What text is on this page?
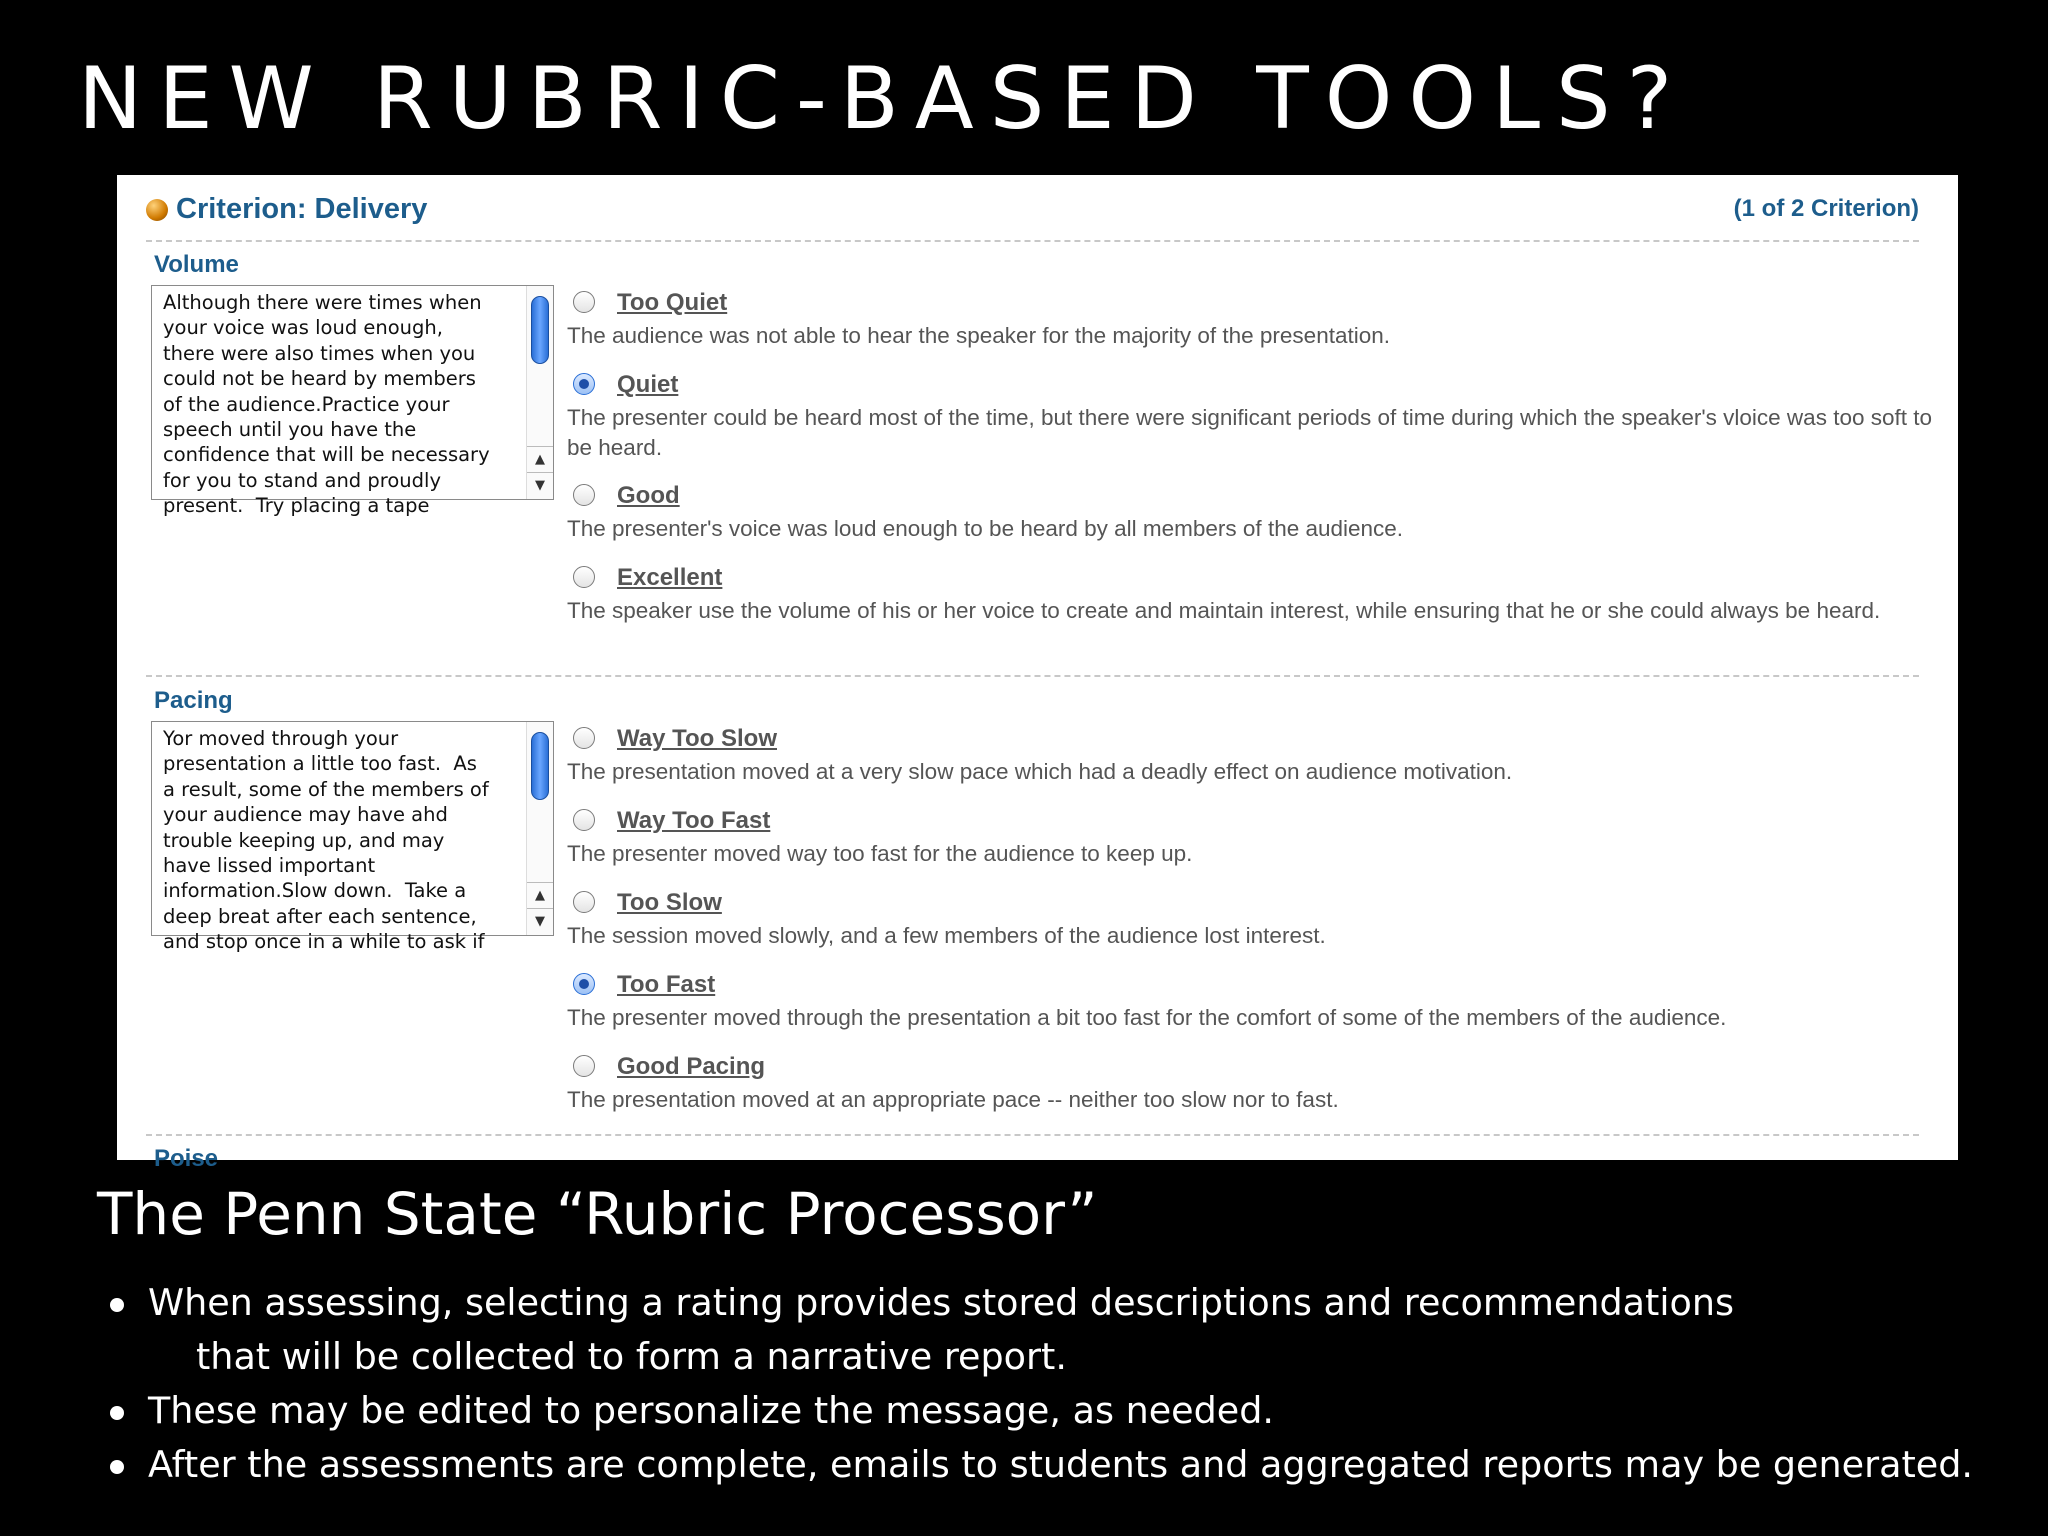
NEW RUBRIC-BASED TOOLS?
Criterion: Delivery	(1 of 2 Criterion)
Volume
Although there were times when
your voice was loud enough,
there were also times when you
could not be heard by members
of the audience.Practice your
speech until you have the
confidence that will be necessary
for you to stand and proudly
present.  Try placing a tape
▲
▼
Too Quiet
The audience was not able to hear the speaker for the majority of the presentation.
Quiet
The presenter could be heard most of the time, but there were significant periods of time during which the speaker's vloice was too soft to be heard.
Good
The presenter's voice was loud enough to be heard by all members of the audience.
Excellent
The speaker use the volume of his or her voice to create and maintain interest, while ensuring that he or she could always be heard.
Pacing
Yor moved through your
presentation a little too fast.  As
a result, some of the members of
your audience may have ahd
trouble keeping up, and may
have lissed important
information.Slow down.  Take a
deep breat after each sentence,
and stop once in a while to ask if
▲
▼
Way Too Slow
The presentation moved at a very slow pace which had a deadly effect on audience motivation.
Way Too Fast
The presenter moved way too fast for the audience to keep up.
Too Slow
The session moved slowly, and a few members of the audience lost interest.
Too Fast
The presenter moved through the presentation a bit too fast for the comfort of some of the members of the audience.
Good Pacing
The presentation moved at an appropriate pace -- neither too slow nor to fast.
Poise
The Penn State “Rubric Processor”
When assessing, selecting a rating provides stored descriptions and recommendations
that will be collected to form a narrative report.
These may be edited to personalize the message, as needed.
After the assessments are complete, emails to students and aggregated reports may be generated.
